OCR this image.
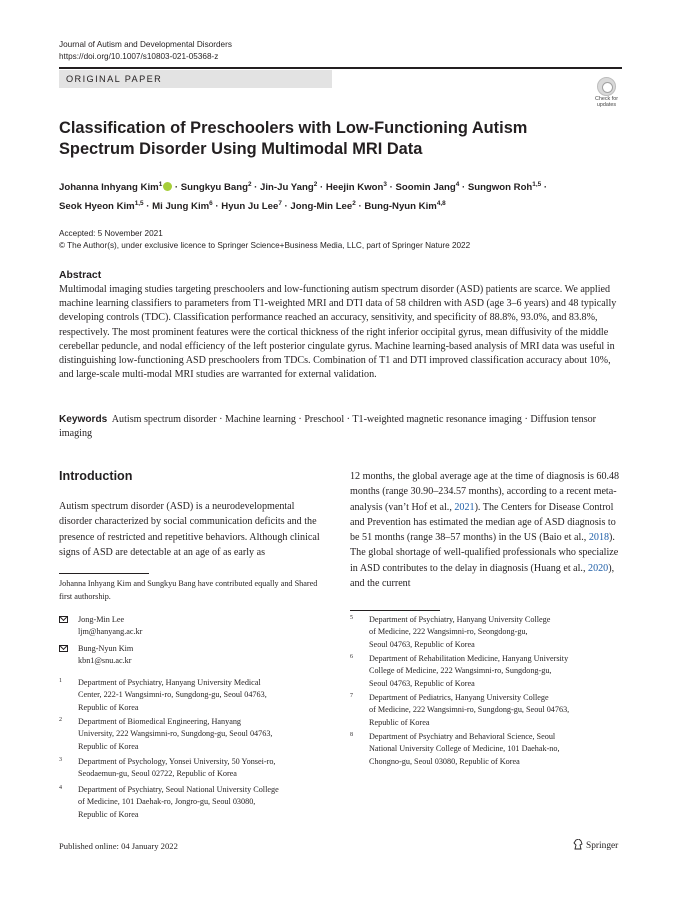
Journal of Autism and Developmental Disorders
https://doi.org/10.1007/s10803-021-05368-z
ORIGINAL PAPER
Check for
updates
Classification of Preschoolers with Low-Functioning Autism Spectrum Disorder Using Multimodal MRI Data
Johanna Inhyang Kim$^1$ · Sungkyu Bang$^2$ · Jin-Ju Yang$^2$ · Heejin Kwon$^3$ · Soomin Jang$^4$ · Sungwon Roh$^{1,5}$ ·
Seok Hyeon Kim$^{1,5}$ · Mi Jung Kim$^6$ · Hyun Ju Lee$^7$ · Jong-Min Lee$^2$ · Bung-Nyun Kim$^{4,8}$
Accepted: 5 November 2021
© The Author(s), under exclusive licence to Springer Science+Business Media, LLC, part of Springer Nature 2022
Abstract
Multimodal imaging studies targeting preschoolers and low-functioning autism spectrum disorder (ASD) patients are scarce. We applied machine learning classifiers to parameters from T1-weighted MRI and DTI data of 58 children with ASD (age 3–6 years) and 48 typically developing controls (TDC). Classification performance reached an accuracy, sensitivity, and specificity of 88.8%, 93.0%, and 83.8%, respectively. The most prominent features were the cortical thickness of the right inferior occipital gyrus, mean diffusivity of the middle cerebellar peduncle, and nodal efficiency of the left posterior cingulate gyrus. Machine learning-based analysis of MRI data was useful in distinguishing low-functioning ASD preschoolers from TDCs. Combination of T1 and DTI improved classification accuracy about 10%, and large-scale multi-modal MRI studies are warranted for external validation.
Keywords Autism spectrum disorder · Machine learning · Preschool · T1-weighted magnetic resonance imaging · Diffusion tensor imaging
Introduction
Autism spectrum disorder (ASD) is a neurodevelopmental disorder characterized by social communication deficits and the presence of restricted and repetitive behaviors. Although clinical signs of ASD are detectable at an age of as early as
12 months, the global average age at the time of diagnosis is 60.48 months (range 30.90–234.57 months), according to a recent meta-analysis (van’t Hof et al., 2021). The Centers for Disease Control and Prevention has estimated the median age of ASD diagnosis to be 51 months (range 38–57 months) in the US (Baio et al., 2018). The global shortage of well-qualified professionals who specialize in ASD contributes to the delay in diagnosis (Huang et al., 2020), and the current
Johanna Inhyang Kim and Sungkyu Bang have contributed equally and Shared first authorship.
Jong-Min Lee
ljm@hanyang.ac.kr
Bung-Nyun Kim
kbn1@snu.ac.kr
1 Department of Psychiatry, Hanyang University Medical
Center, 222-1 Wangsimni-ro, Sungdong-gu, Seoul 04763,
Republic of Korea
2 Department of Biomedical Engineering, Hanyang
University, 222 Wangsimni-ro, Sungdong-gu, Seoul 04763,
Republic of Korea
3 Department of Psychology, Yonsei University, 50 Yonsei-ro,
Seodaemun-gu, Seoul 02722, Republic of Korea
4 Department of Psychiatry, Seoul National University College
of Medicine, 101 Daehak-ro, Jongro-gu, Seoul 03080,
Republic of Korea
5 Department of Psychiatry, Hanyang University College
of Medicine, 222 Wangsimni-ro, Seongdong-gu,
Seoul 04763, Republic of Korea
6 Department of Rehabilitation Medicine, Hanyang University
College of Medicine, 222 Wangsimni-ro, Sungdong-gu,
Seoul 04763, Republic of Korea
7 Department of Pediatrics, Hanyang University College
of Medicine, 222 Wangsimni-ro, Sungdong-gu, Seoul 04763,
Republic of Korea
8 Department of Psychiatry and Behavioral Science, Seoul
National University College of Medicine, 101 Daehak-no,
Chongno-gu, Seoul 03080, Republic of Korea
Published online: 04 January 2022	Springer
